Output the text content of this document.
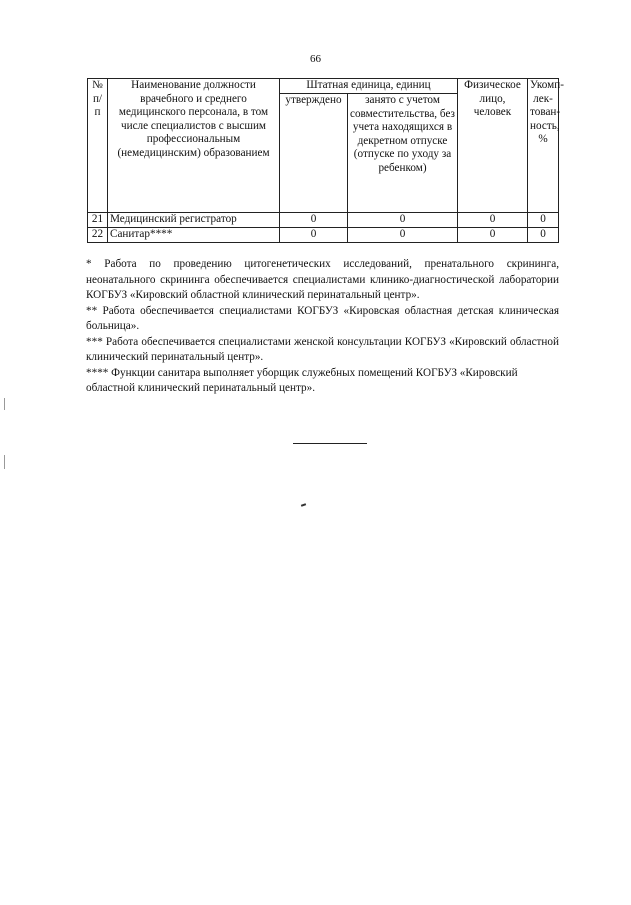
66
№ п/п	Наименование должности врачебного и среднего медицинского персонала, в том числе специалистов с высшим профессиональным (немедицинским) образованием	Штатная единица, единиц		Физическое лицо, человек	Укомп-лек-тован-ность, %
		утверждено	занято с учетом совместительства, без учета находящихся в декретном отпуске (отпуске по уходу за ребенком)		
21	Медицинский регистратор	0	0	0	0
22	Санитар****	0	0	0	0

* Работа по проведению цитогенетических исследований, пренатального скрининга, неонатального скрининга обеспечивается специалистами клинико-диагностической лаборатории КОГБУЗ «Кировский областной клинический перинатальный центр».

** Работа обеспечивается специалистами КОГБУЗ «Кировская областная детская клиническая больница».

*** Работа обеспечивается специалистами женской консультации КОГБУЗ «Кировский областной клинический перинатальный центр».

**** Функции санитара выполняет уборщик служебных помещений КОГБУЗ «Кировский областной клинический перинатальный центр».
